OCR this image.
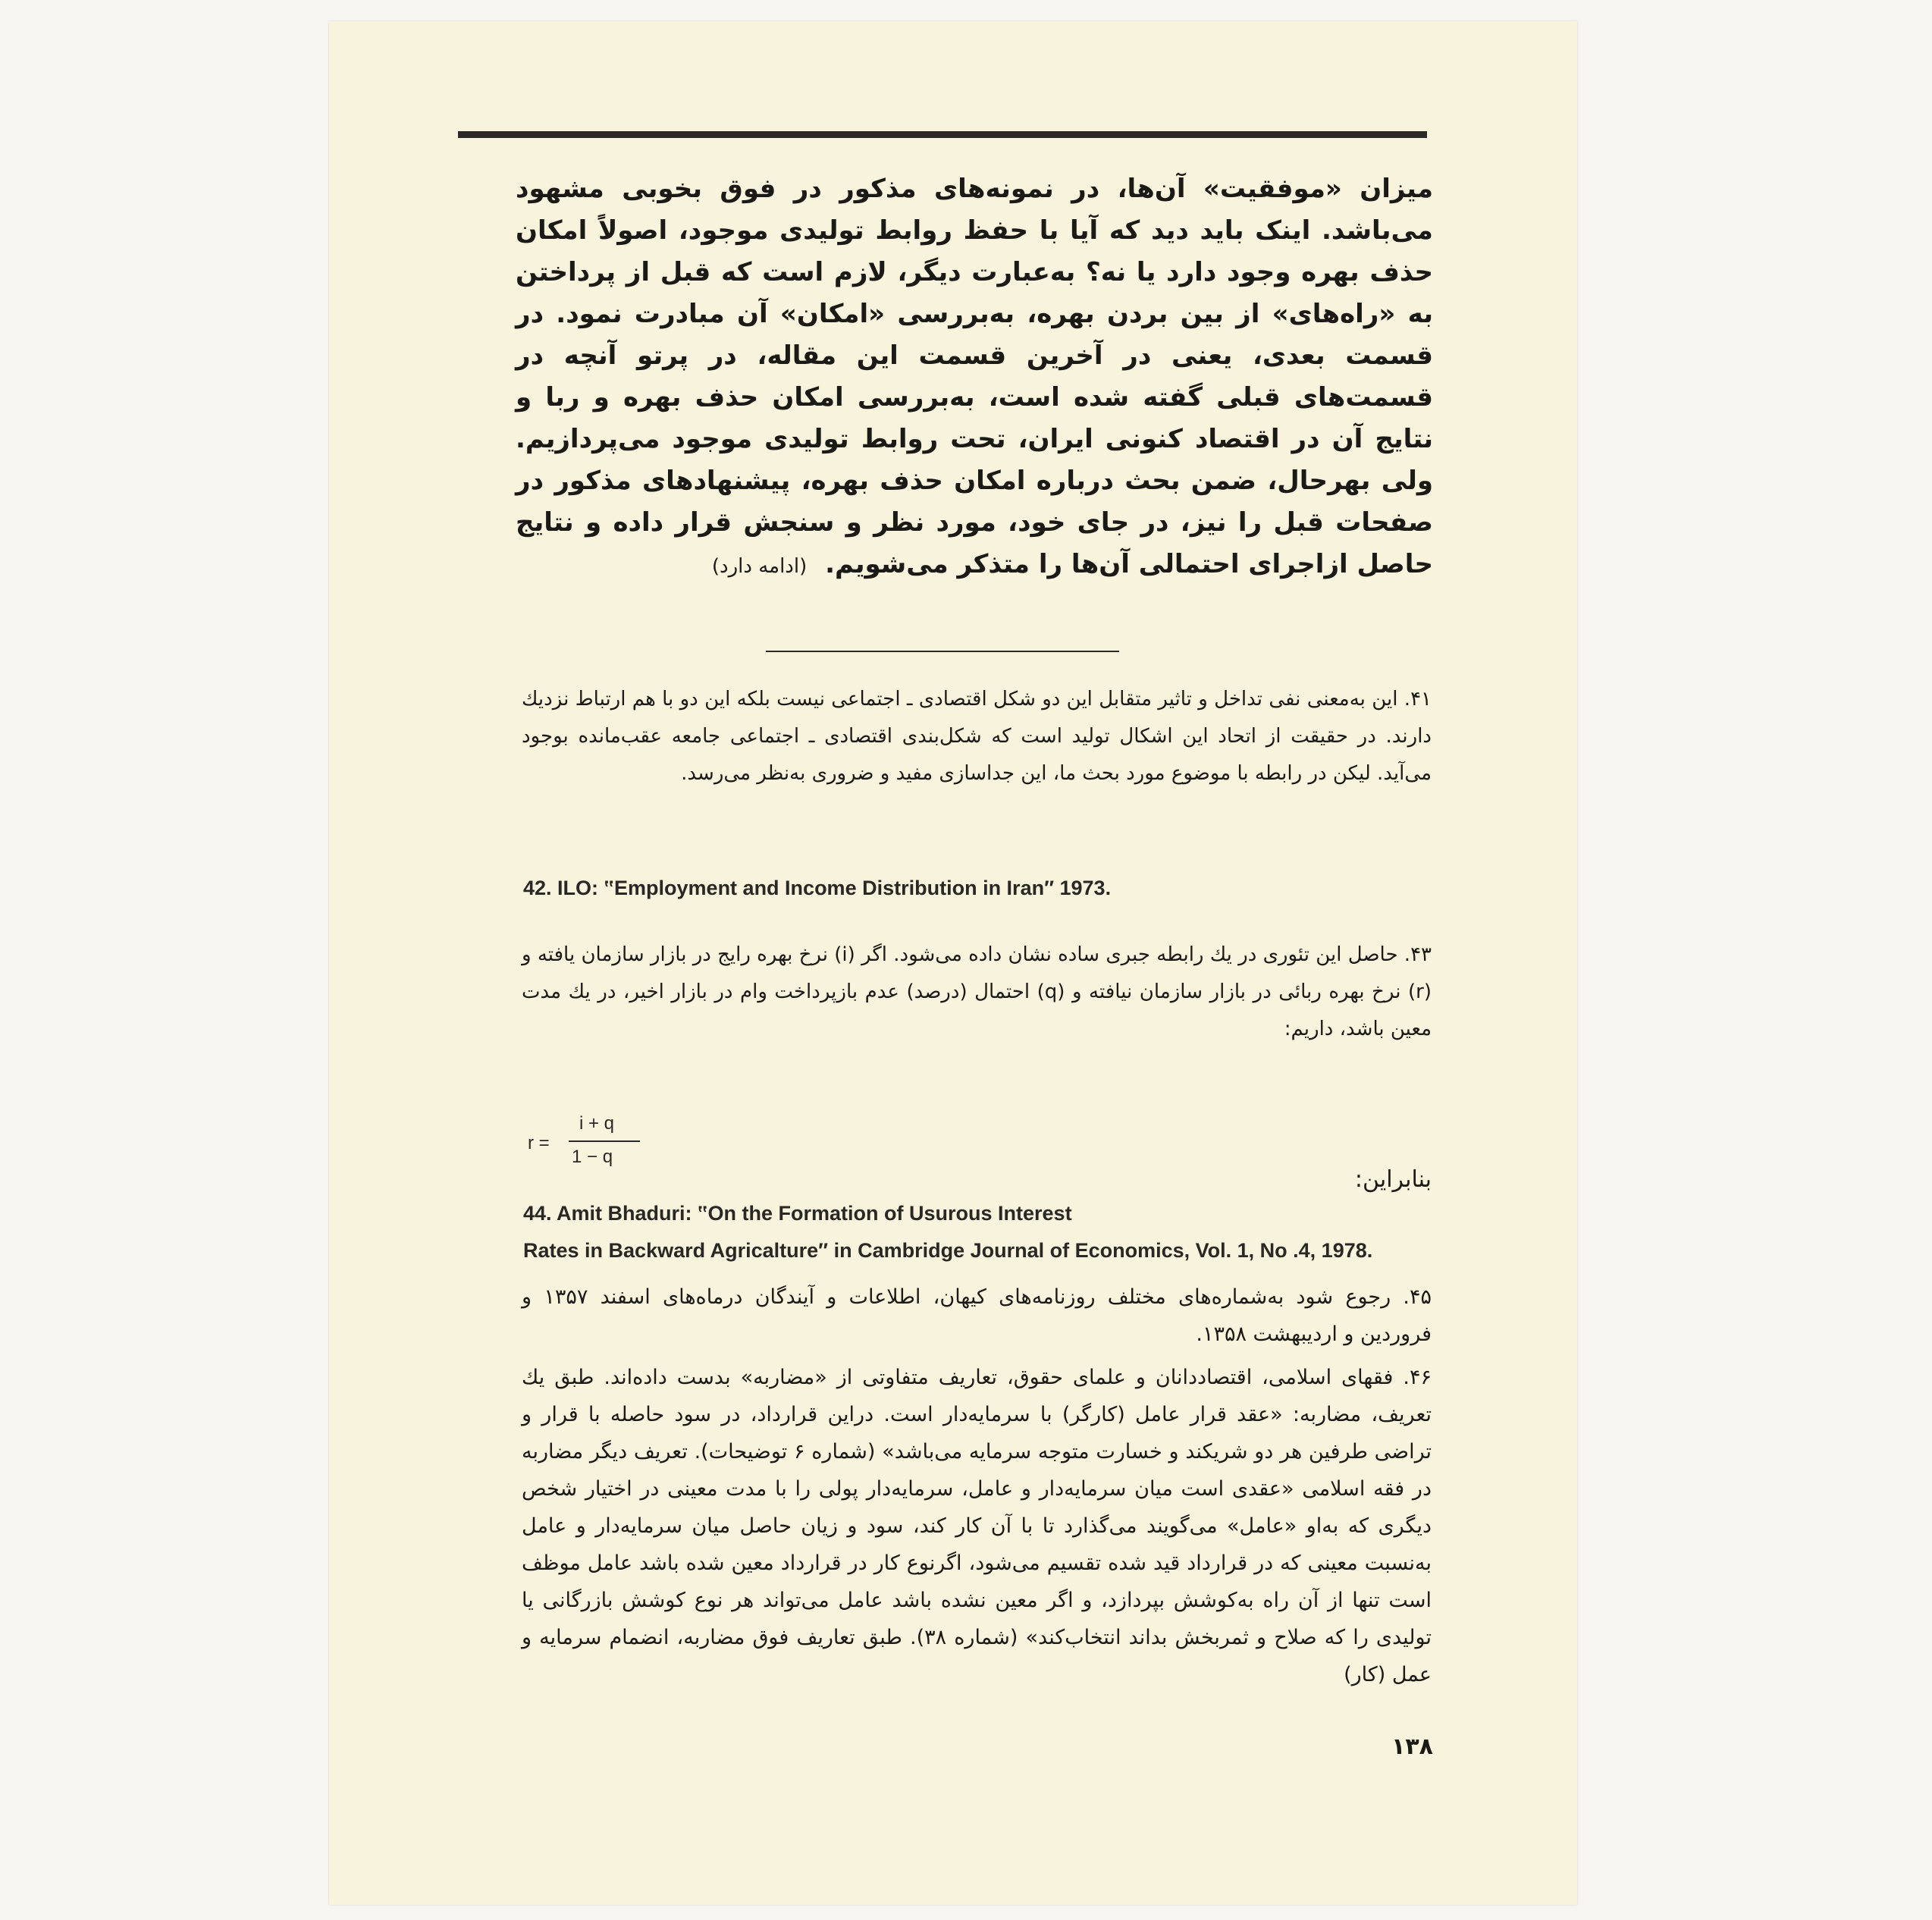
میزان «موفقیت» آن‌ها، در نمونه‌های مذکور در فوق بخوبی مشهود می‌باشد. اینک باید دید که آیا با حفظ روابط تولیدی موجود، اصولاً امکان حذف بهره وجود دارد یا نه؟ به‌عبارت دیگر، لازم است که قبل از پرداختن به «راه‌های» از بین بردن بهره، به‌بررسی «امکان» آن مبادرت نمود. در قسمت بعدی، یعنی در آخرین قسمت این مقاله، در پرتو آنچه در قسمت‌های قبلی گفته شده است، به‌بررسی امکان حذف بهره و ربا و نتایج آن در اقتصاد کنونی ایران، تحت روابط تولیدی موجود می‌پردازیم. ولی بهرحال، ضمن بحث درباره امکان حذف بهره، پیشنهادهای مذکور در صفحات قبل را نیز، در جای خود، مورد نظر و سنجش قرار داده و نتایج حاصل ازاجرای احتمالی آن‌ها را متذکر می‌شویم. (ادامه دارد)
۴۱. این به‌معنی نفی تداخل و تاثیر متقابل این دو شکل اقتصادی ـ اجتماعی نیست بلکه این دو با هم ارتباط نزدیك دارند. در حقیقت از اتحاد این اشکال تولید است که شکل‌بندی اقتصادی ـ اجتماعی جامعه عقب‌مانده بوجود می‌آید. لیکن در رابطه با موضوع مورد بحث ما، این جداسازی مفید و ضروری به‌نظر می‌رسد.
42. ILO: ‟Employment and Income Distribution in Iran″ 1973.
۴۳. حاصل این تئوری در یك رابطه جبری ساده نشان داده می‌شود. اگر (i) نرخ بهره رایج در بازار سازمان یافته و (r) نرخ بهره ربائی در بازار سازمان نیافته و (q) احتمال (درصد) عدم بازپرداخت وام در بازار اخیر، در یك مدت معین باشد، داریم:
r =
i + q
1 − q
بنابراین:
44. Amit Bhaduri: ‟On the Formation of Usurous Interest
Rates in Backward Agricalture″ in Cambridge Journal of Economics, Vol. 1, No .4, 1978.
۴۵. رجوع شود به‌شماره‌های مختلف روزنامه‌های کیهان، اطلاعات و آیندگان درماه‌های اسفند ۱۳۵۷ و فروردین و اردیبهشت ۱۳۵۸.
۴۶. فقهای اسلامی، اقتصاددانان و علمای حقوق، تعاریف متفاوتی از «مضاربه» بدست داده‌اند. طبق یك تعریف، مضاربه: «عقد قرار عامل (کارگر) با سرمایه‌دار است. دراین قرارداد، در سود حاصله با قرار و تراضی طرفین هر دو شریکند و خسارت متوجه سرمایه می‌باشد» (شماره ۶ توضیحات). تعریف دیگر مضاربه در فقه اسلامی «عقدی است میان سرمایه‌دار و عامل، سرمایه‌دار پولی را با مدت معینی در اختیار شخص دیگری که به‌او «عامل» می‌گویند می‌گذارد تا با آن کار کند، سود و زیان حاصل میان سرمایه‌دار و عامل به‌نسبت معینی که در قرارداد قید شده تقسیم می‌شود، اگرنوع کار در قرارداد معین شده باشد عامل موظف است تنها از آن راه به‌کوشش بپردازد، و اگر معین نشده باشد عامل می‌تواند هر نوع کوشش بازرگانی یا تولیدی را که صلاح و ثمربخش بداند انتخاب‌کند» (شماره ۳۸). طبق تعاریف فوق مضاربه، انضمام سرمایه و عمل (کار)
۱۳۸
